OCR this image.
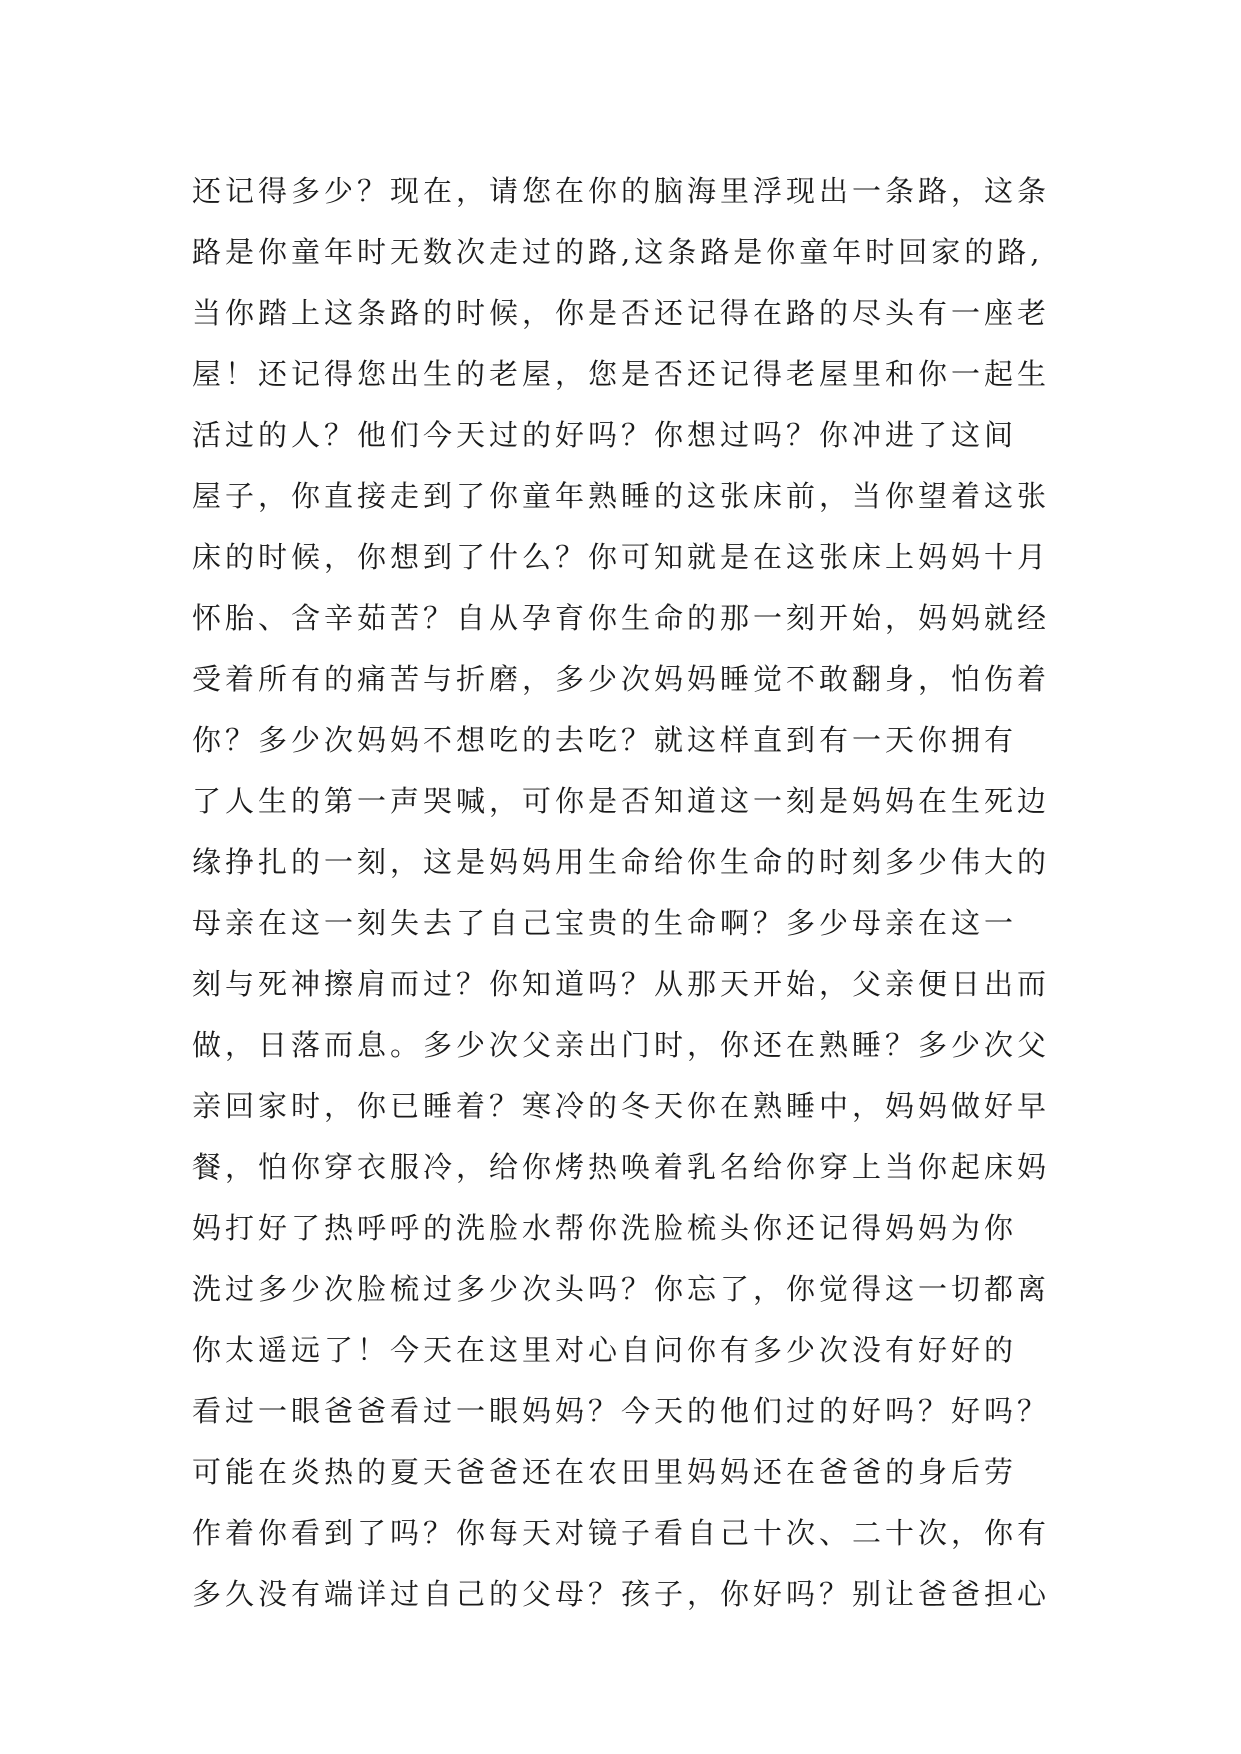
还记得多少？现在，请您在你的脑海里浮现出一条路，这条
路是你童年时无数次走过的路,这条路是你童年时回家的路,
当你踏上这条路的时候，你是否还记得在路的尽头有一座老
屋！还记得您出生的老屋，您是否还记得老屋里和你一起生
活过的人？他们今天过的好吗？你想过吗？你冲进了这间
屋子，你直接走到了你童年熟睡的这张床前，当你望着这张
床的时候，你想到了什么？你可知就是在这张床上妈妈十月
怀胎、含辛茹苦？自从孕育你生命的那一刻开始，妈妈就经
受着所有的痛苦与折磨，多少次妈妈睡觉不敢翻身，怕伤着
你？多少次妈妈不想吃的去吃？就这样直到有一天你拥有
了人生的第一声哭喊，可你是否知道这一刻是妈妈在生死边
缘挣扎的一刻，这是妈妈用生命给你生命的时刻多少伟大的
母亲在这一刻失去了自己宝贵的生命啊？多少母亲在这一
刻与死神擦肩而过？你知道吗？从那天开始，父亲便日出而
做，日落而息。多少次父亲出门时，你还在熟睡？多少次父
亲回家时，你已睡着？寒冷的冬天你在熟睡中，妈妈做好早
餐，怕你穿衣服冷，给你烤热唤着乳名给你穿上当你起床妈
妈打好了热呼呼的洗脸水帮你洗脸梳头你还记得妈妈为你
洗过多少次脸梳过多少次头吗？你忘了，你觉得这一切都离
你太遥远了！今天在这里对心自问你有多少次没有好好的
看过一眼爸爸看过一眼妈妈？今天的他们过的好吗？好吗？
可能在炎热的夏天爸爸还在农田里妈妈还在爸爸的身后劳
作着你看到了吗？你每天对镜子看自己十次、二十次，你有
多久没有端详过自己的父母？孩子，你好吗？别让爸爸担心
